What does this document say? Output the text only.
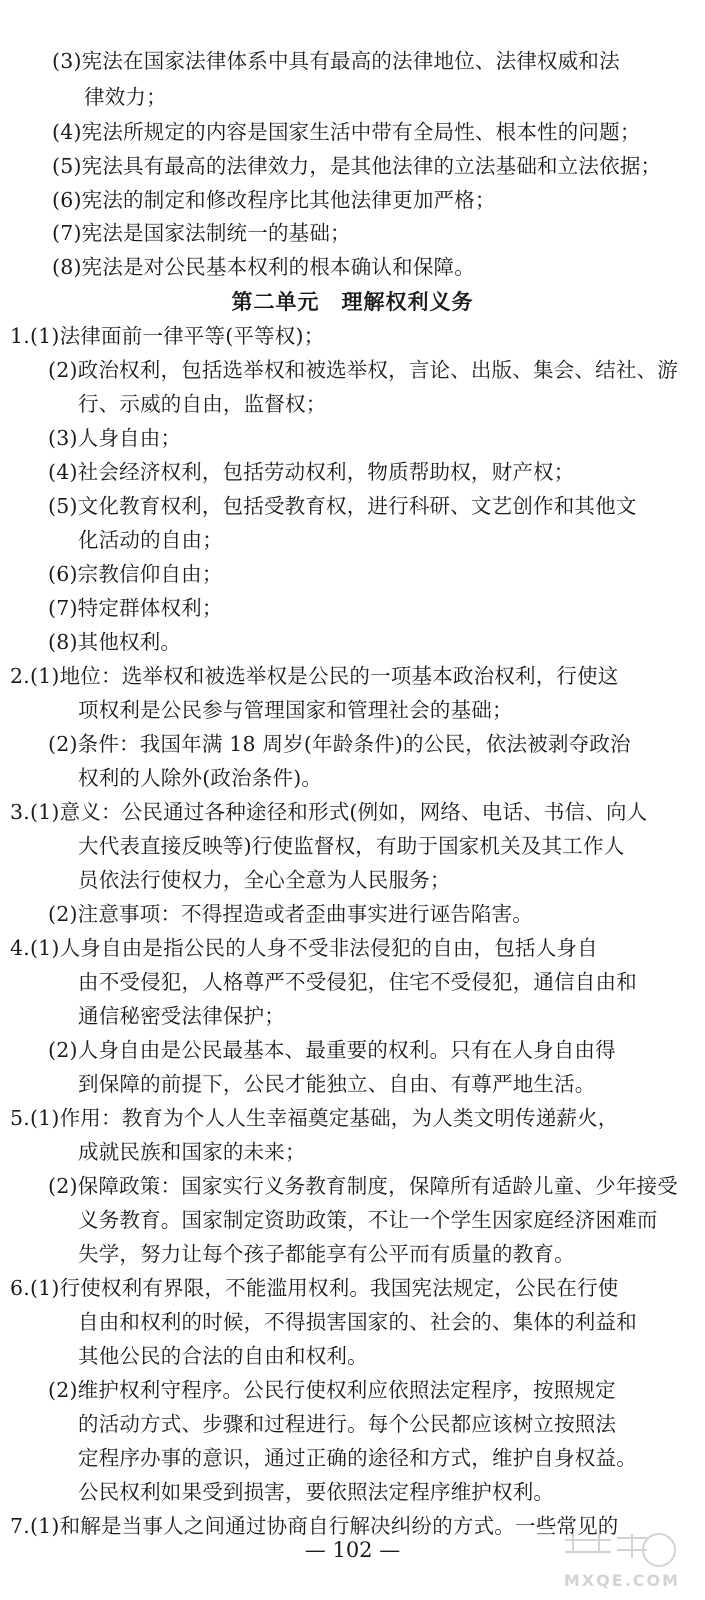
(3)宪法在国家法律体系中具有最高的法律地位、法律权威和法
律效力；
(4)宪法所规定的内容是国家生活中带有全局性、根本性的问题；
(5)宪法具有最高的法律效力，是其他法律的立法基础和立法依据；
(6)宪法的制定和修改程序比其他法律更加严格；
(7)宪法是国家法制统一的基础；
(8)宪法是对公民基本权利的根本确认和保障。
第二单元　理解权利义务
1.(1)法律面前一律平等(平等权)；
(2)政治权利，包括选举权和被选举权，言论、出版、集会、结社、游
行、示威的自由，监督权；
(3)人身自由；
(4)社会经济权利，包括劳动权利，物质帮助权，财产权；
(5)文化教育权利，包括受教育权，进行科研、文艺创作和其他文
化活动的自由；
(6)宗教信仰自由；
(7)特定群体权利；
(8)其他权利。
2.(1)地位：选举权和被选举权是公民的一项基本政治权利，行使这
项权利是公民参与管理国家和管理社会的基础；
(2)条件：我国年满 18 周岁(年龄条件)的公民，依法被剥夺政治
权利的人除外(政治条件)。
3.(1)意义：公民通过各种途径和形式(例如，网络、电话、书信、向人
大代表直接反映等)行使监督权，有助于国家机关及其工作人
员依法行使权力，全心全意为人民服务；
(2)注意事项：不得捏造或者歪曲事实进行诬告陷害。
4.(1)人身自由是指公民的人身不受非法侵犯的自由，包括人身自
由不受侵犯，人格尊严不受侵犯，住宅不受侵犯，通信自由和
通信秘密受法律保护；
(2)人身自由是公民最基本、最重要的权利。只有在人身自由得
到保障的前提下，公民才能独立、自由、有尊严地生活。
5.(1)作用：教育为个人人生幸福奠定基础，为人类文明传递薪火，
成就民族和国家的未来；
(2)保障政策：国家实行义务教育制度，保障所有适龄儿童、少年接受
义务教育。国家制定资助政策，不让一个学生因家庭经济困难而
失学，努力让每个孩子都能享有公平而有质量的教育。
6.(1)行使权利有界限，不能滥用权利。我国宪法规定，公民在行使
自由和权利的时候，不得损害国家的、社会的、集体的利益和
其他公民的合法的自由和权利。
(2)维护权利守程序。公民行使权利应依照法定程序，按照规定
的活动方式、步骤和过程进行。每个公民都应该树立按照法
定程序办事的意识，通过正确的途径和方式，维护自身权益。
公民权利如果受到损害，要依照法定程序维护权利。
7.(1)和解是当事人之间通过协商自行解决纠纷的方式。一些常见的
— 102 —
MXQE.COM
